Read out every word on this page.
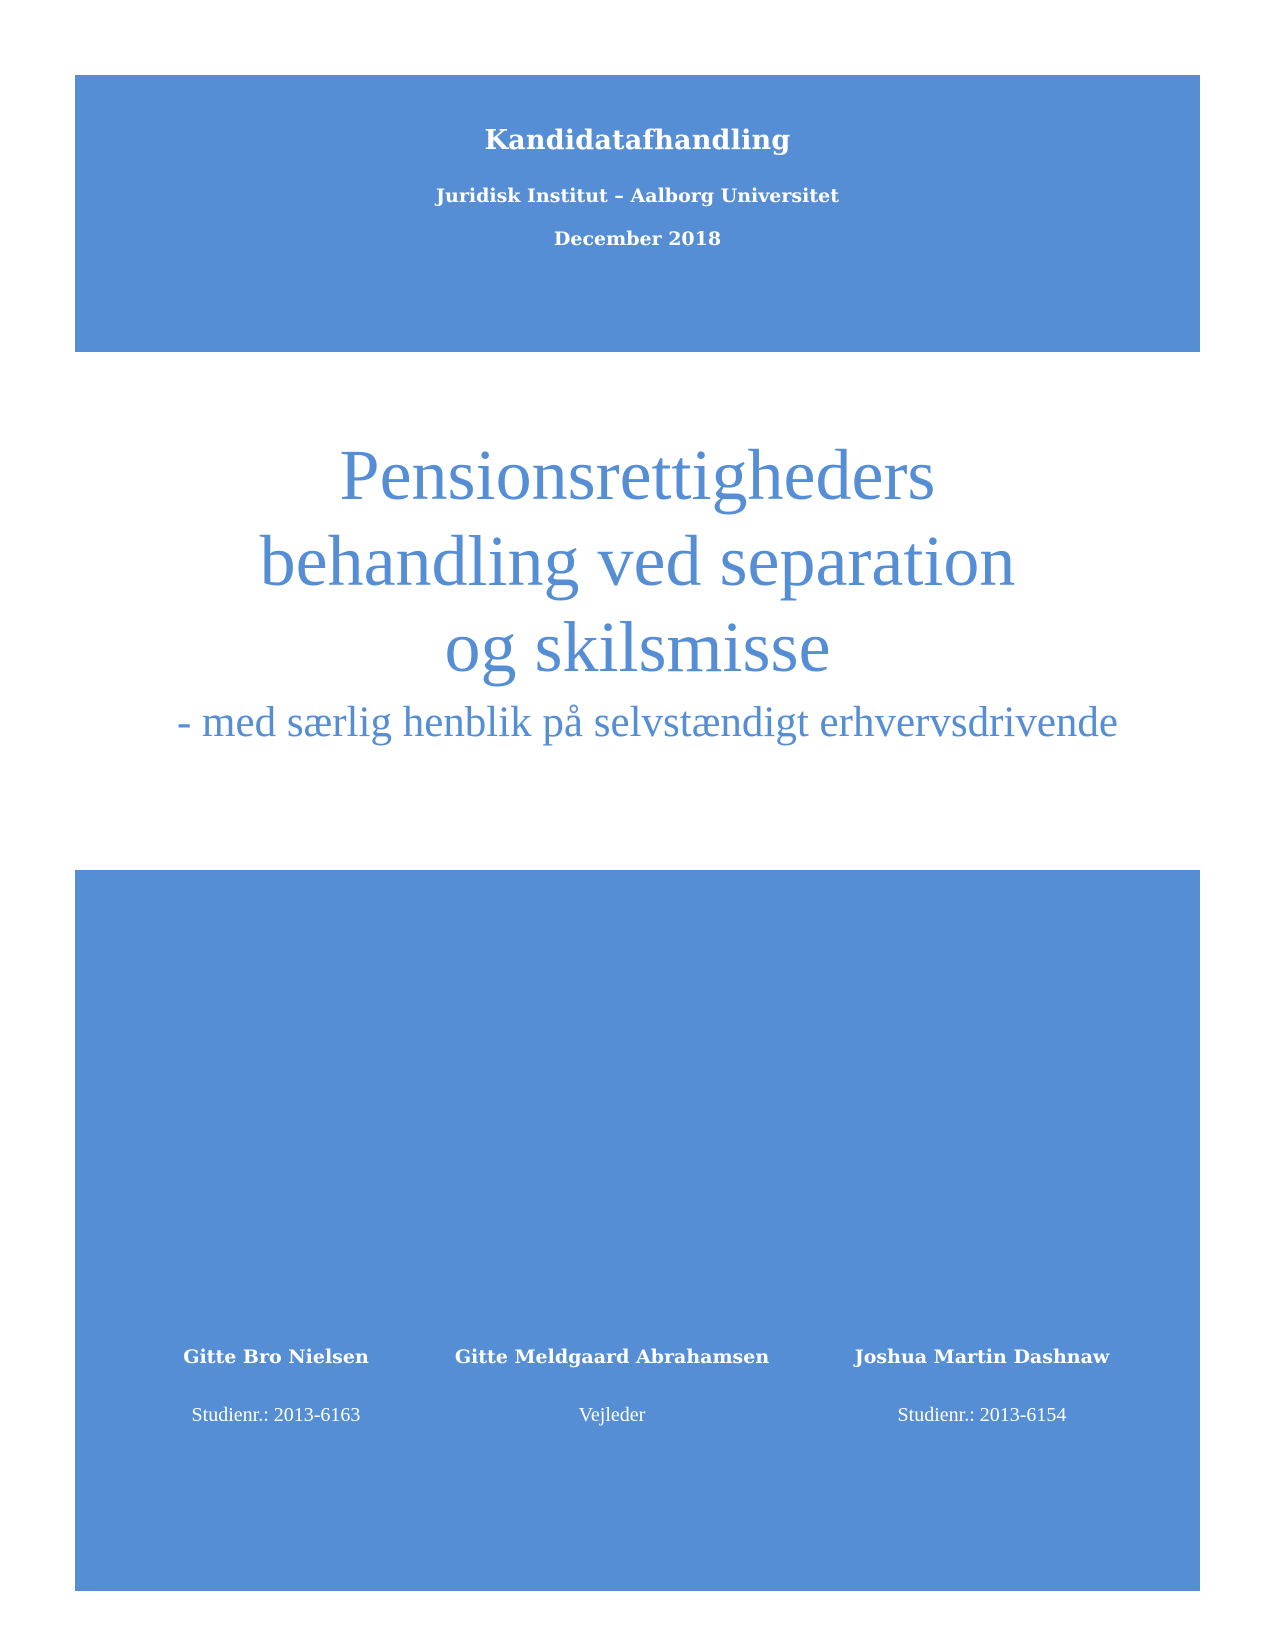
Kandidatafhandling
Juridisk Institut – Aalborg Universitet
December 2018
Pensionsrettigheders
behandling ved separation
og skilsmisse
- med særlig henblik på selvstændigt erhvervsdrivende
Gitte Bro Nielsen
Studienr.: 2013-6163
Gitte Meldgaard Abrahamsen
Vejleder
Joshua Martin Dashnaw
Studienr.: 2013-6154
